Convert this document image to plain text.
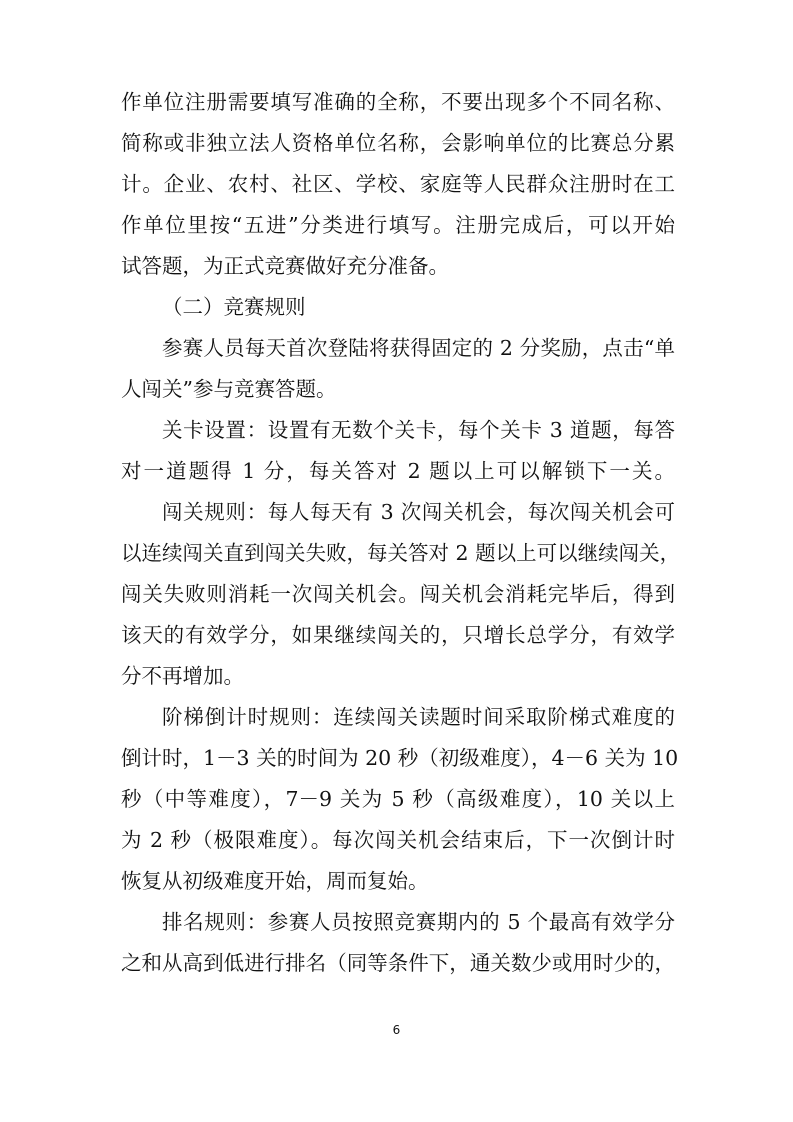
作单位注册需要填写准确的全称，不要出现多个不同名称、
简称或非独立法人资格单位名称，会影响单位的比赛总分累
计。企业、农村、社区、学校、家庭等人民群众注册时在工
作单位里按“五进”分类进行填写。注册完成后，可以开始
试答题，为正式竞赛做好充分准备。
（二）竞赛规则
参赛人员每天首次登陆将获得固定的 2 分奖励，点击“单
人闯关”参与竞赛答题。
关卡设置：设置有无数个关卡，每个关卡 3 道题，每答
对一道题得 1 分，每关答对 2 题以上可以解锁下一关。
闯关规则：每人每天有 3 次闯关机会，每次闯关机会可
以连续闯关直到闯关失败，每关答对 2 题以上可以继续闯关，
闯关失败则消耗一次闯关机会。闯关机会消耗完毕后，得到
该天的有效学分，如果继续闯关的，只增长总学分，有效学
分不再增加。
阶梯倒计时规则：连续闯关读题时间采取阶梯式难度的
倒计时，1－3 关的时间为 20 秒（初级难度），4－6 关为 10
秒（中等难度），7－9 关为 5 秒（高级难度），10 关以上
为 2 秒（极限难度）。每次闯关机会结束后，下一次倒计时
恢复从初级难度开始，周而复始。
排名规则：参赛人员按照竞赛期内的 5 个最高有效学分
之和从高到低进行排名（同等条件下，通关数少或用时少的，
6
